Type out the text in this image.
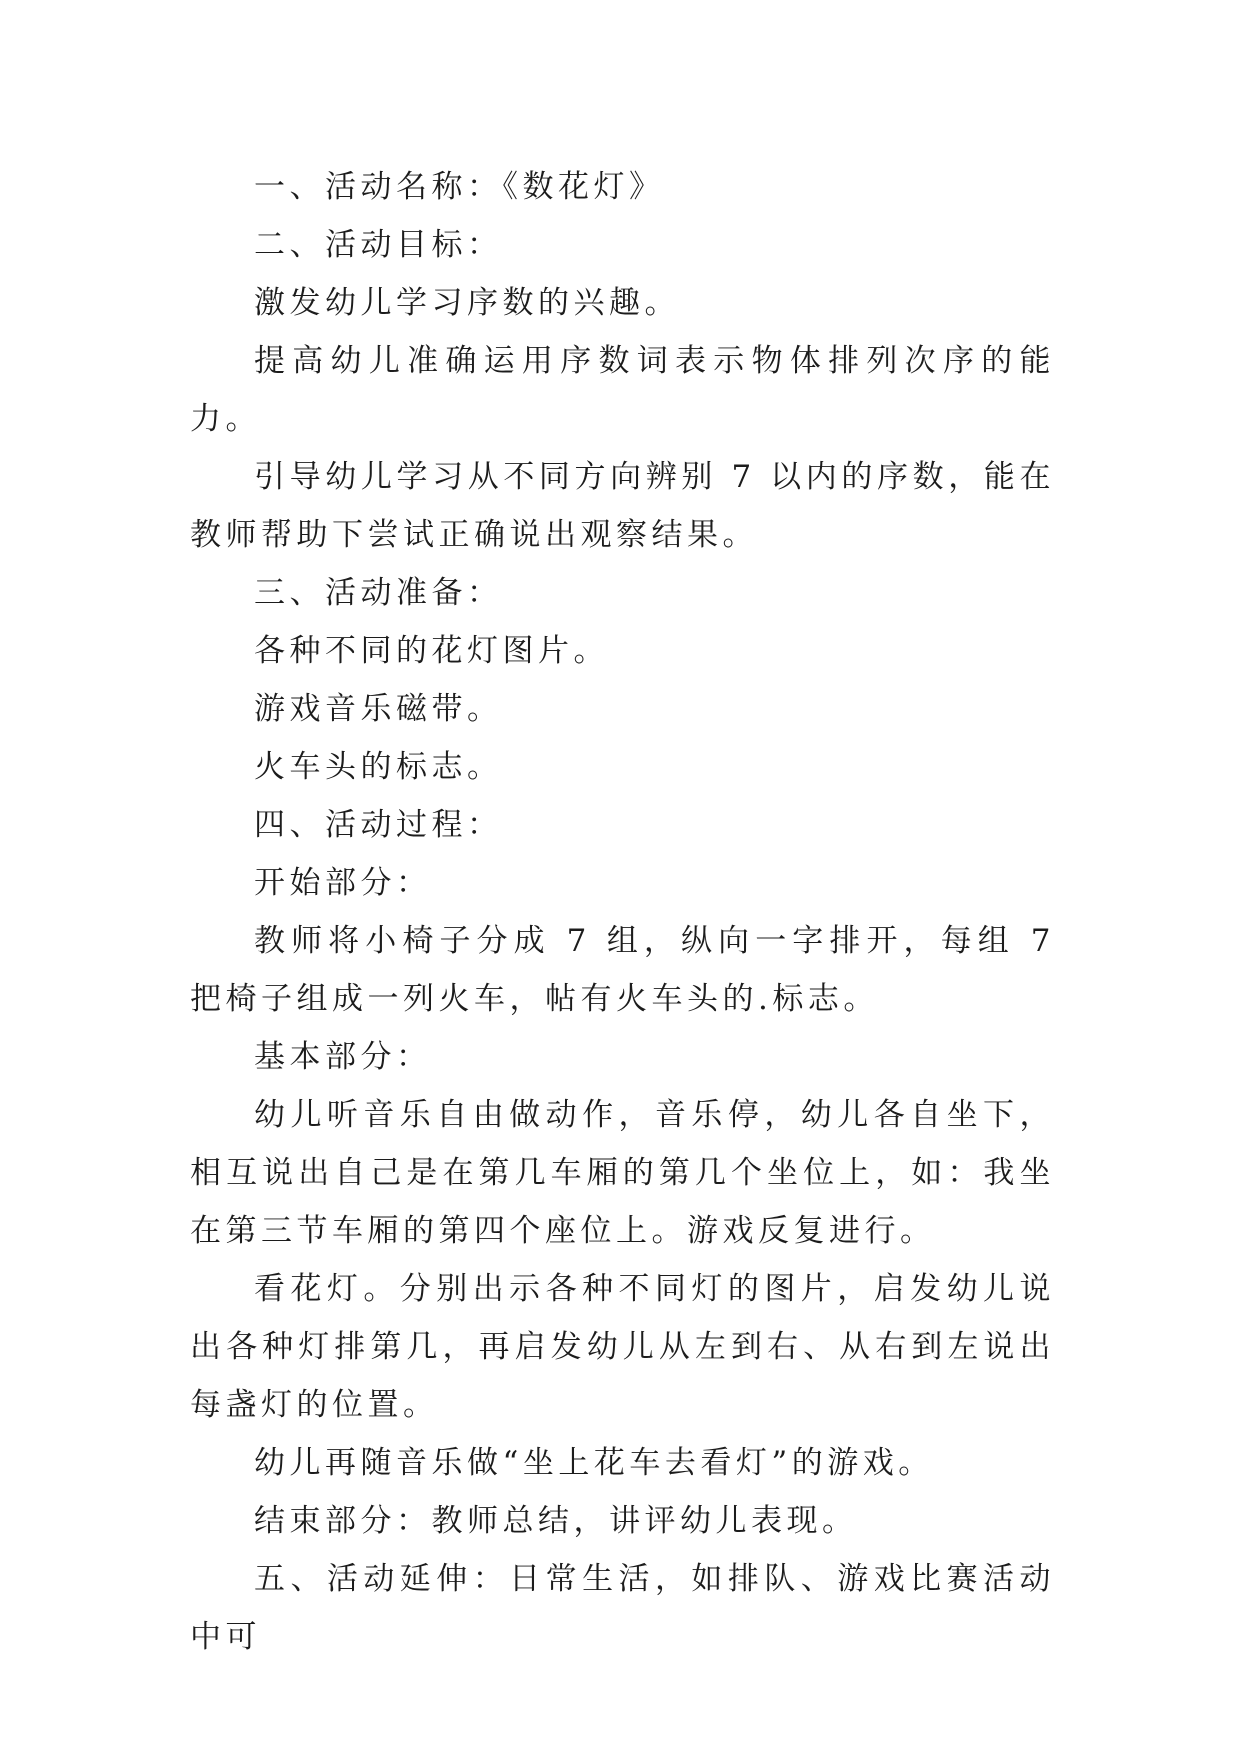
一、活动名称：《数花灯》

二、活动目标：

激发幼儿学习序数的兴趣。

提高幼儿准确运用序数词表示物体排列次序的能力。

引导幼儿学习从不同方向辨别 7 以内的序数，能在教师帮助下尝试正确说出观察结果。

三、活动准备：

各种不同的花灯图片。

游戏音乐磁带。

火车头的标志。

四、活动过程：

开始部分：

教师将小椅子分成 7 组，纵向一字排开，每组 7 把椅子组成一列火车，帖有火车头的.标志。

基本部分：

幼儿听音乐自由做动作，音乐停，幼儿各自坐下，相互说出自己是在第几车厢的第几个坐位上，如：我坐在第三节车厢的第四个座位上。游戏反复进行。

看花灯。分别出示各种不同灯的图片，启发幼儿说出各种灯排第几，再启发幼儿从左到右、从右到左说出每盏灯的位置。

幼儿再随音乐做“坐上花车去看灯”的游戏。

结束部分：教师总结，讲评幼儿表现。

五、活动延伸：日常生活，如排队、游戏比赛活动中可
